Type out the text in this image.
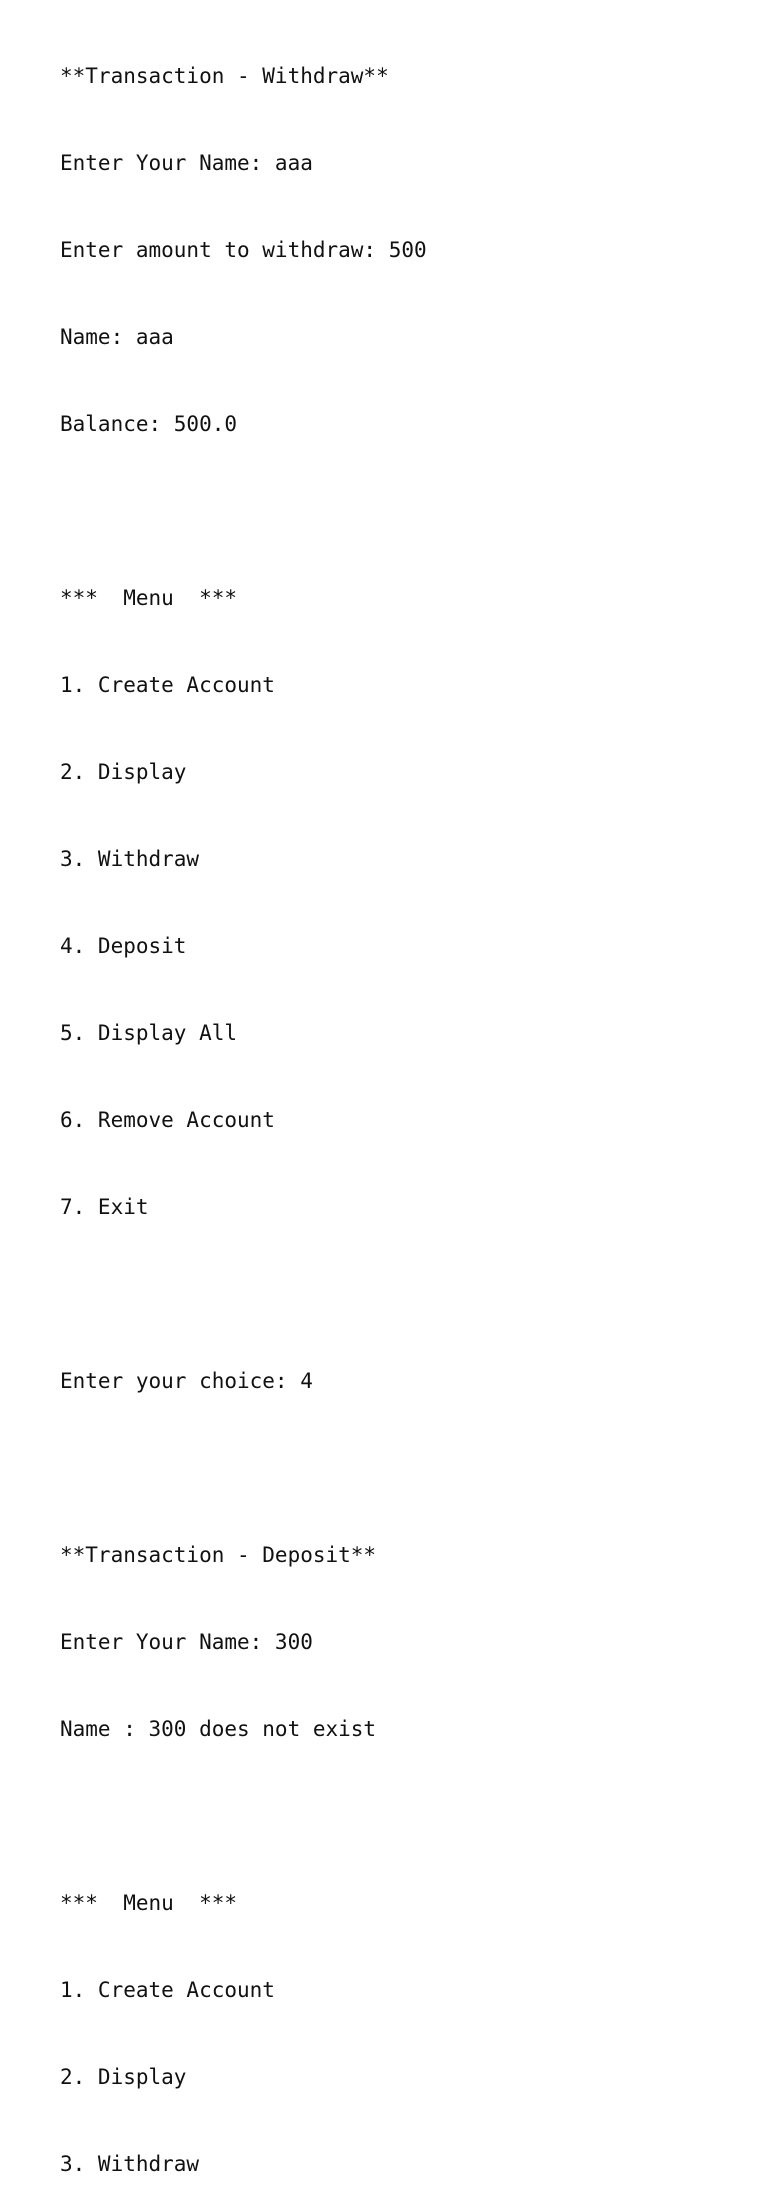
**Transaction - Withdraw**

Enter Your Name: aaa

Enter amount to withdraw: 500

Name: aaa

Balance: 500.0

***  Menu  ***

1. Create Account

2. Display

3. Withdraw

4. Deposit

5. Display All

6. Remove Account

7. Exit

Enter your choice: 4

**Transaction - Deposit**

Enter Your Name: 300

Name : 300 does not exist

***  Menu  ***

1. Create Account

2. Display

3. Withdraw
